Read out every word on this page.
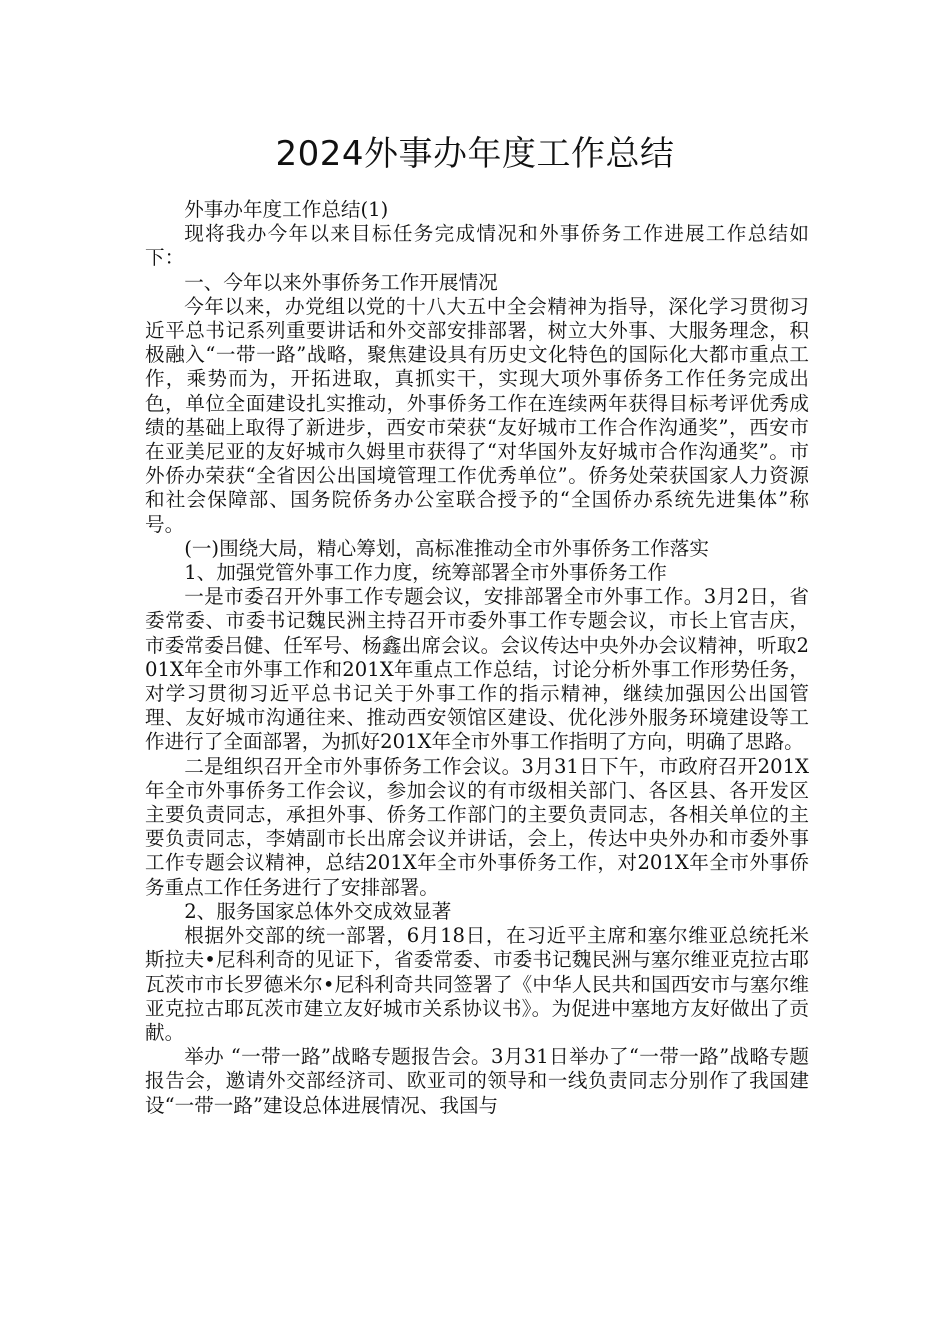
2024外事办年度工作总结

外事办年度工作总结(1)

现将我办今年以来目标任务完成情况和外事侨务工作进展工作总结如下：

一、今年以来外事侨务工作开展情况

今年以来，办党组以党的十八大五中全会精神为指导，深化学习贯彻习近平总书记系列重要讲话和外交部安排部署，树立大外事、大服务理念，积极融入“一带一路”战略，聚焦建设具有历史文化特色的国际化大都市重点工作，乘势而为，开拓进取，真抓实干，实现大项外事侨务工作任务完成出色，单位全面建设扎实推动，外事侨务工作在连续两年获得目标考评优秀成绩的基础上取得了新进步，西安市荣获“友好城市工作合作沟通奖”，西安市在亚美尼亚的友好城市久姆里市获得了“对华国外友好城市合作沟通奖”。市外侨办荣获“全省因公出国境管理工作优秀单位”。侨务处荣获国家人力资源和社会保障部、国务院侨务办公室联合授予的“全国侨办系统先进集体”称号。

(一)围绕大局，精心筹划，高标准推动全市外事侨务工作落实

1、加强党管外事工作力度，统筹部署全市外事侨务工作

一是市委召开外事工作专题会议，安排部署全市外事工作。3月2日，省委常委、市委书记魏民洲主持召开市委外事工作专题会议，市长上官吉庆，市委常委吕健、任军号、杨鑫出席会议。会议传达中央外办会议精神，听取201X年全市外事工作和201X年重点工作总结，讨论分析外事工作形势任务，对学习贯彻习近平总书记关于外事工作的指示精神，继续加强因公出国管理、友好城市沟通往来、推动西安领馆区建设、优化涉外服务环境建设等工作进行了全面部署，为抓好201X年全市外事工作指明了方向，明确了思路。

二是组织召开全市外事侨务工作会议。3月31日下午，市政府召开201X年全市外事侨务工作会议，参加会议的有市级相关部门、各区县、各开发区主要负责同志，承担外事、侨务工作部门的主要负责同志，各相关单位的主要负责同志，李婧副市长出席会议并讲话，会上，传达中央外办和市委外事工作专题会议精神，总结201X年全市外事侨务工作，对201X年全市外事侨务重点工作任务进行了安排部署。

2、服务国家总体外交成效显著

根据外交部的统一部署，6月18日，在习近平主席和塞尔维亚总统托米斯拉夫•尼科利奇的见证下，省委常委、市委书记魏民洲与塞尔维亚克拉古耶瓦茨市市长罗德米尔•尼科利奇共同签署了《中华人民共和国西安市与塞尔维亚克拉古耶瓦茨市建立友好城市关系协议书》。为促进中塞地方友好做出了贡献。

举办 “一带一路”战略专题报告会。3月31日举办了“一带一路”战略专题报告会，邀请外交部经济司、欧亚司的领导和一线负责同志分别作了我国建设“一带一路”建设总体进展情况、我国与
